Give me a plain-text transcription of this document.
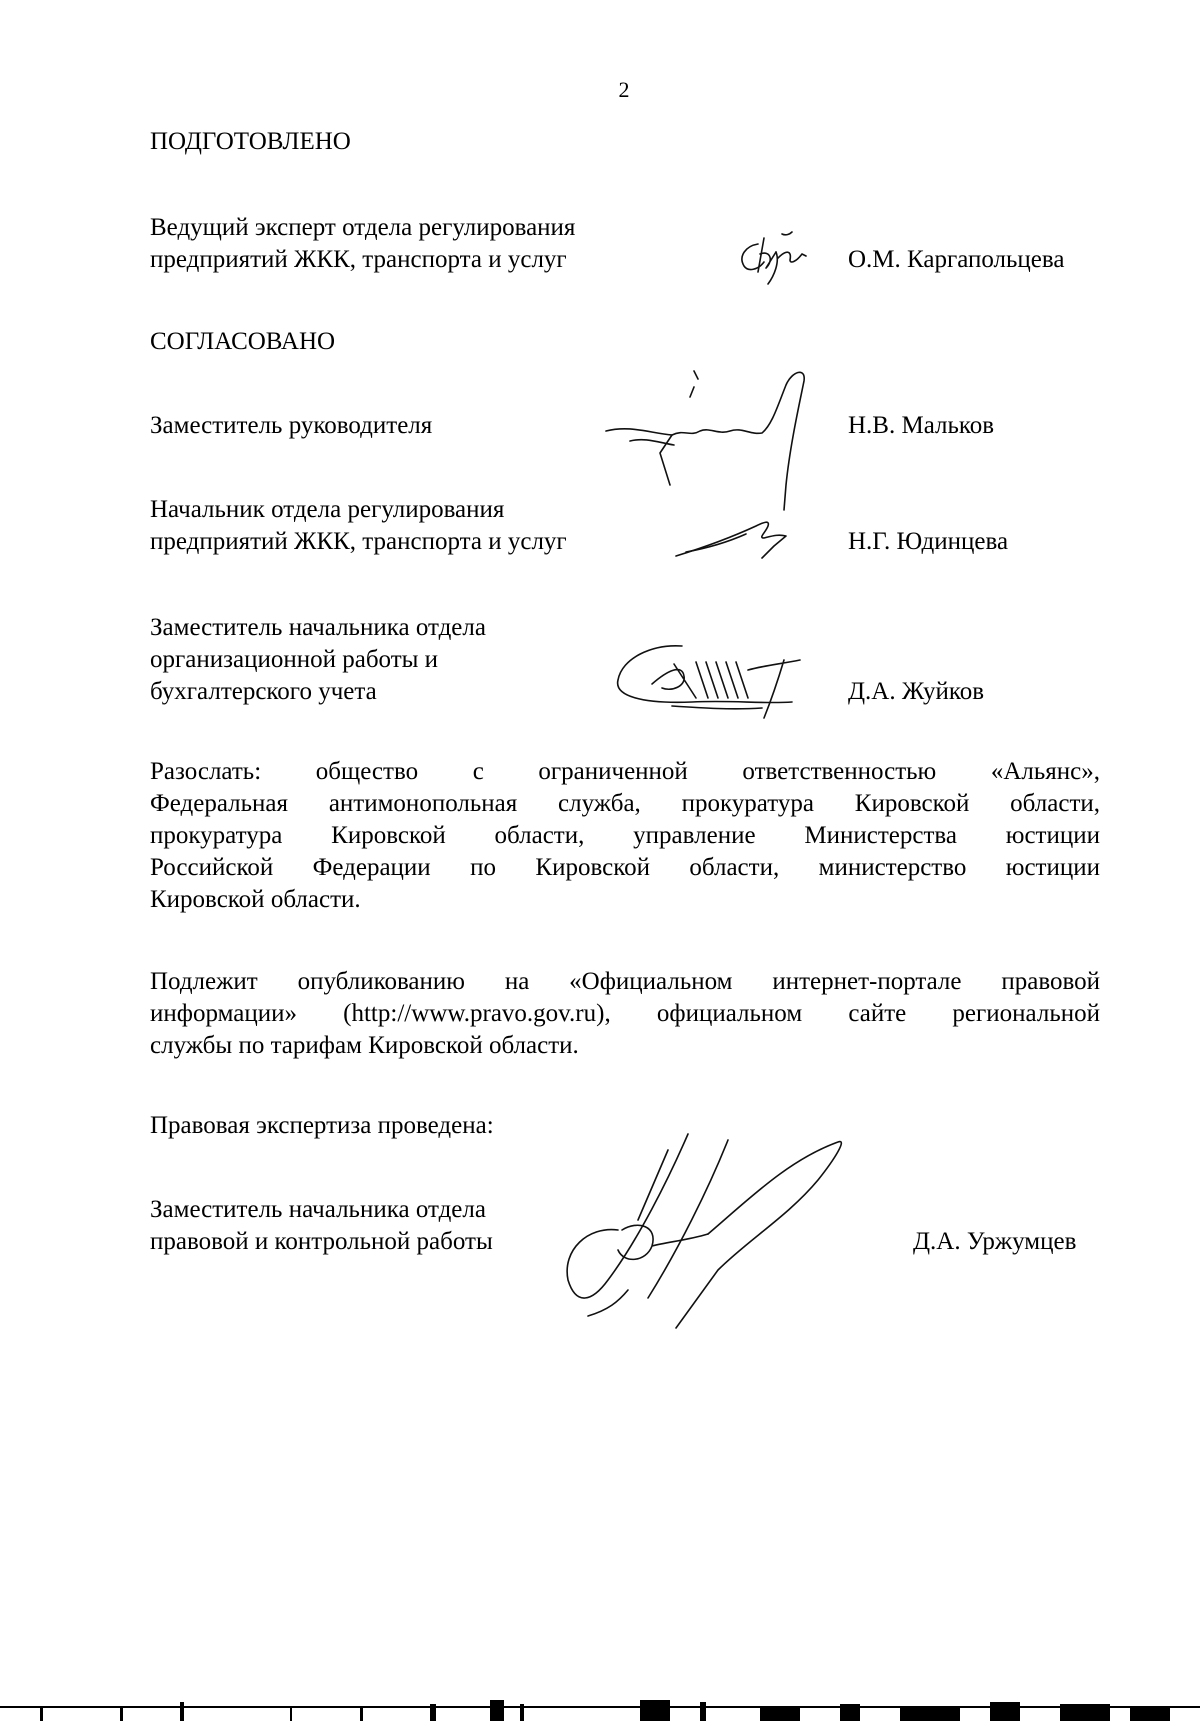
2
ПОДГОТОВЛЕНО
Ведущий эксперт отдела регулирования
предприятий ЖКК, транспорта и услуг	О.М. Каргапольцева
СОГЛАСОВАНО
Заместитель руководителя	Н.В. Мальков
Начальник отдела регулирования
предприятий ЖКК, транспорта и услуг	Н.Г. Юдинцева
Заместитель начальника отдела
организационной работы и
бухгалтерского учета	Д.А. Жуйков
Разослать: общество с ограниченной ответственностью «Альянс»,
Федеральная антимонопольная служба, прокуратура Кировской области,
прокуратура Кировской области, управление Министерства юстиции
Российской Федерации по Кировской области, министерство юстиции
Кировской области.
Подлежит опубликованию на «Официальном интернет-портале правовой
информации» (http://www.pravo.gov.ru), официальном сайте региональной
службы по тарифам Кировской области.
Правовая экспертиза проведена:
Заместитель начальника отдела
правовой и контрольной работы	Д.А. Уржумцев
